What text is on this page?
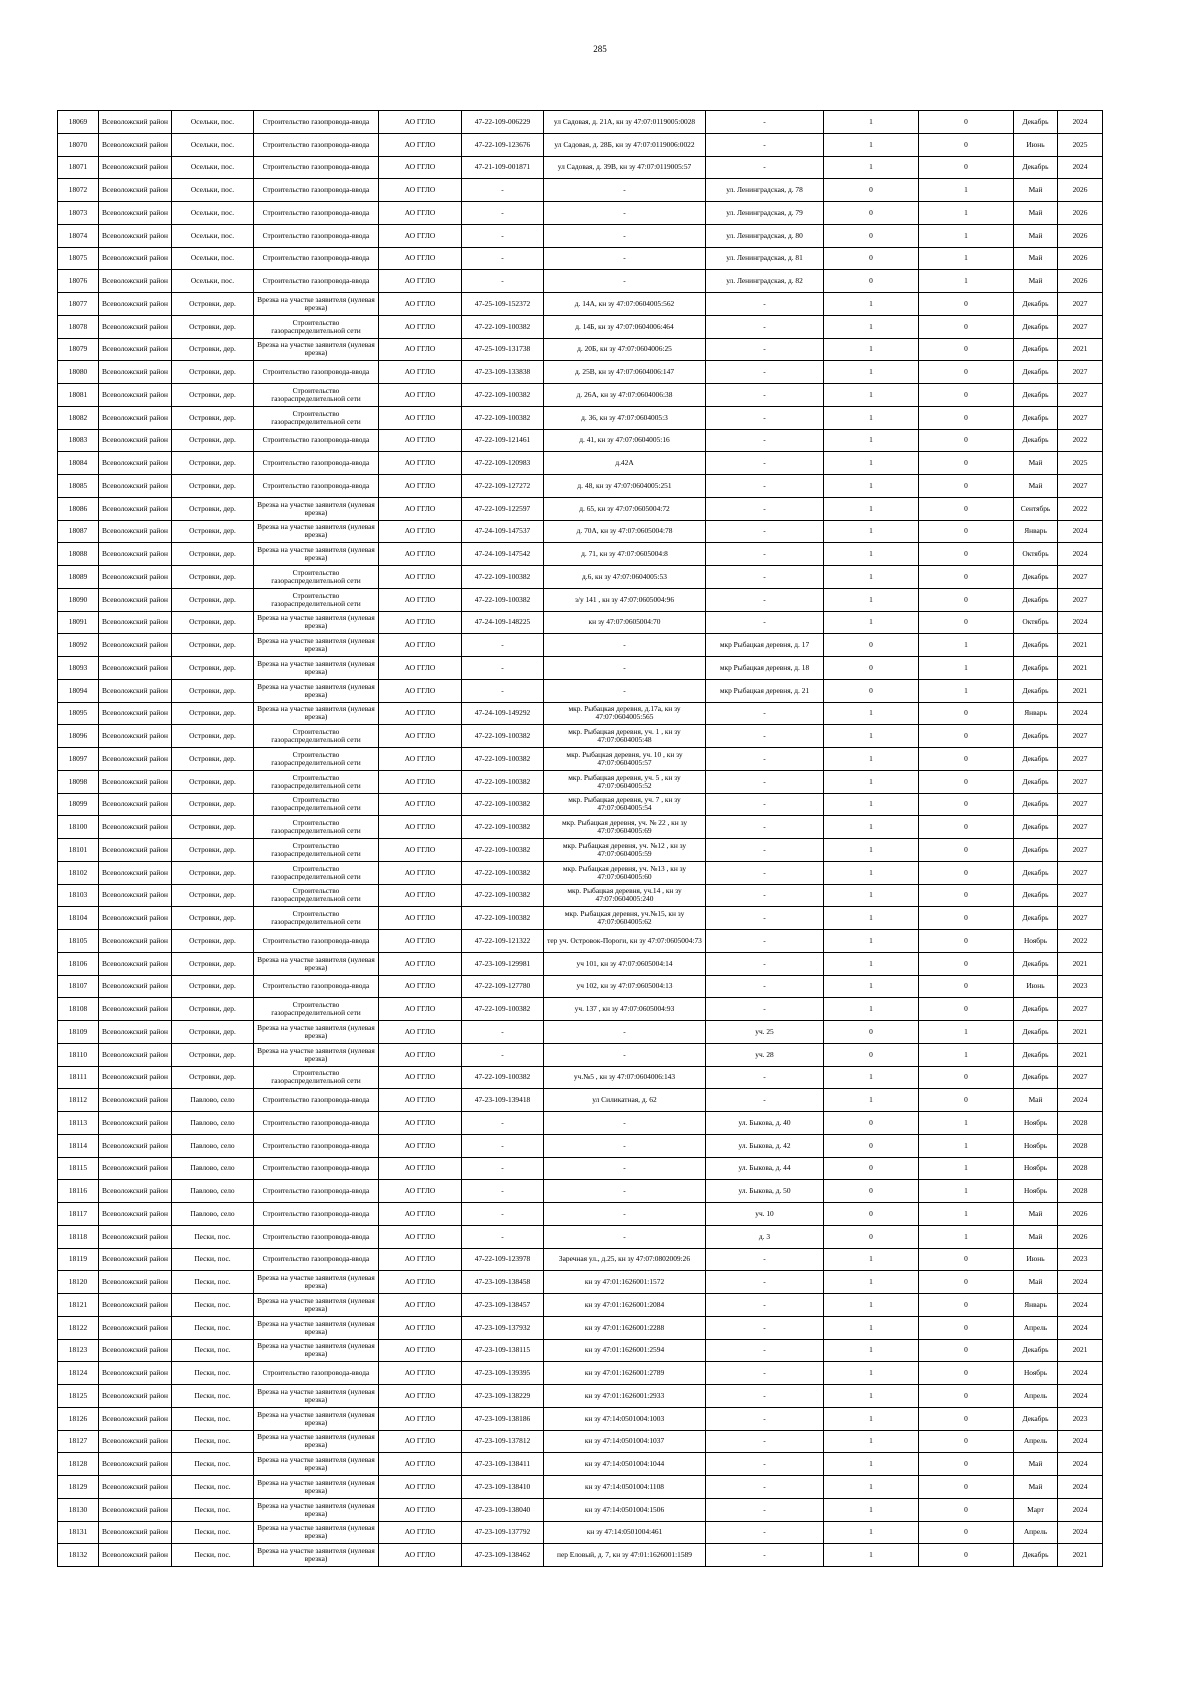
285
18069	Всеволожский район	Осельки, пос.	Строительство газопровода-ввода	АО ГГЛО	47-22-109-006229	ул Садовая, д. 21А, кн зу 47:07:0119005:0028	-	1	0	Декабрь	2024
18070	Всеволожский район	Осельки, пос.	Строительство газопровода-ввода	АО ГГЛО	47-22-109-123676	ул Садовая, д. 28Б, кн зу 47:07:0119006:0022	-	1	0	Июнь	2025
18071	Всеволожский район	Осельки, пос.	Строительство газопровода-ввода	АО ГГЛО	47-21-109-001871	ул Садовая, д. 39В, кн зу 47:07:0119005:57	-	1	0	Декабрь	2024
18072	Всеволожский район	Осельки, пос.	Строительство газопровода-ввода	АО ГГЛО	-	-	ул. Ленинградская, д. 78	0	1	Май	2026
18073	Всеволожский район	Осельки, пос.	Строительство газопровода-ввода	АО ГГЛО	-	-	ул. Ленинградская, д. 79	0	1	Май	2026
18074	Всеволожский район	Осельки, пос.	Строительство газопровода-ввода	АО ГГЛО	-	-	ул. Ленинградская, д. 80	0	1	Май	2026
18075	Всеволожский район	Осельки, пос.	Строительство газопровода-ввода	АО ГГЛО	-	-	ул. Ленинградская, д. 81	0	1	Май	2026
18076	Всеволожский район	Осельки, пос.	Строительство газопровода-ввода	АО ГГЛО	-	-	ул. Ленинградская, д. 82	0	1	Май	2026
18077	Всеволожский район	Островки, дер.	Врезка на участке заявителя (нулевая врезка)	АО ГГЛО	47-25-109-152372	д. 14А, кн зу 47:07:0604005:562	-	1	0	Декабрь	2027
18078	Всеволожский район	Островки, дер.	Строительство газораспределительной сети	АО ГГЛО	47-22-109-100382	д. 14Б, кн зу 47:07:0604006:464	-	1	0	Декабрь	2027
18079	Всеволожский район	Островки, дер.	Врезка на участке заявителя (нулевая врезка)	АО ГГЛО	47-25-109-131738	д. 20Б, кн зу 47:07:0604006:25	-	1	0	Декабрь	2021
18080	Всеволожский район	Островки, дер.	Строительство газопровода-ввода	АО ГГЛО	47-23-109-133838	д. 25В, кн зу 47:07:0604006:147	-	1	0	Декабрь	2027
18081	Всеволожский район	Островки, дер.	Строительство газораспределительной сети	АО ГГЛО	47-22-109-100382	д. 26А, кн зу 47:07:0604006:38	-	1	0	Декабрь	2027
18082	Всеволожский район	Островки, дер.	Строительство газораспределительной сети	АО ГГЛО	47-22-109-100382	д. 36, кн зу 47:07:0604005:3	-	1	0	Декабрь	2027
18083	Всеволожский район	Островки, дер.	Строительство газопровода-ввода	АО ГГЛО	47-22-109-121461	д. 41, кн зу 47:07:0604005:16	-	1	0	Декабрь	2022
18084	Всеволожский район	Островки, дер.	Строительство газопровода-ввода	АО ГГЛО	47-22-109-120983	д.42А	-	1	0	Май	2025
18085	Всеволожский район	Островки, дер.	Строительство газопровода-ввода	АО ГГЛО	47-22-109-127272	д. 48, кн зу 47:07:0604005:251	-	1	0	Май	2027
18086	Всеволожский район	Островки, дер.	Врезка на участке заявителя (нулевая врезка)	АО ГГЛО	47-22-109-122597	д. 65, кн зу 47:07:0605004:72	-	1	0	Сентябрь	2022
18087	Всеволожский район	Островки, дер.	Врезка на участке заявителя (нулевая врезка)	АО ГГЛО	47-24-109-147537	д. 70А, кн зу 47:07:0605004:78	-	1	0	Январь	2024
18088	Всеволожский район	Островки, дер.	Врезка на участке заявителя (нулевая врезка)	АО ГГЛО	47-24-109-147542	д. 71, кн зу 47:07:0605004:8	-	1	0	Октябрь	2024
18089	Всеволожский район	Островки, дер.	Строительство газораспределительной сети	АО ГГЛО	47-22-109-100382	д.6, кн зу 47:07:0604005:53	-	1	0	Декабрь	2027
18090	Всеволожский район	Островки, дер.	Строительство газораспределительной сети	АО ГГЛО	47-22-109-100382	з/у 141 , кн зу 47:07:0605004:96	-	1	0	Декабрь	2027
18091	Всеволожский район	Островки, дер.	Врезка на участке заявителя (нулевая врезка)	АО ГГЛО	47-24-109-148225	кн зу 47:07:0605004:70	-	1	0	Октябрь	2024
18092	Всеволожский район	Островки, дер.	Врезка на участке заявителя (нулевая врезка)	АО ГГЛО	-	-	мкр Рыбацкая деревня, д. 17	0	1	Декабрь	2021
18093	Всеволожский район	Островки, дер.	Врезка на участке заявителя (нулевая врезка)	АО ГГЛО	-	-	мкр Рыбацкая деревня, д. 18	0	1	Декабрь	2021
18094	Всеволожский район	Островки, дер.	Врезка на участке заявителя (нулевая врезка)	АО ГГЛО	-	-	мкр Рыбацкая деревня, д. 21	0	1	Декабрь	2021
18095	Всеволожский район	Островки, дер.	Врезка на участке заявителя (нулевая врезка)	АО ГГЛО	47-24-109-149292	мкр. Рыбацкая деревня, д.17а, кн зу 47:07:0604005:565	-	1	0	Январь	2024
18096	Всеволожский район	Островки, дер.	Строительство газораспределительной сети	АО ГГЛО	47-22-109-100382	мкр. Рыбацкая деревня, уч. 1 , кн зу 47:07:0604005:48	-	1	0	Декабрь	2027
18097	Всеволожский район	Островки, дер.	Строительство газораспределительной сети	АО ГГЛО	47-22-109-100382	мкр. Рыбацкая деревня, уч. 10 , кн зу 47:07:0604005:57	-	1	0	Декабрь	2027
18098	Всеволожский район	Островки, дер.	Строительство газораспределительной сети	АО ГГЛО	47-22-109-100382	мкр. Рыбацкая деревня, уч. 5 , кн зу 47:07:0604005:52	-	1	0	Декабрь	2027
18099	Всеволожский район	Островки, дер.	Строительство газораспределительной сети	АО ГГЛО	47-22-109-100382	мкр. Рыбацкая деревня, уч. 7 , кн зу 47:07:0604005:54	-	1	0	Декабрь	2027
18100	Всеволожский район	Островки, дер.	Строительство газораспределительной сети	АО ГГЛО	47-22-109-100382	мкр. Рыбацкая деревня, уч. № 22 , кн зу 47:07:0604005:69	-	1	0	Декабрь	2027
18101	Всеволожский район	Островки, дер.	Строительство газораспределительной сети	АО ГГЛО	47-22-109-100382	мкр. Рыбацкая деревня, уч. №12 , кн зу 47:07:0604005:59	-	1	0	Декабрь	2027
18102	Всеволожский район	Островки, дер.	Строительство газораспределительной сети	АО ГГЛО	47-22-109-100382	мкр. Рыбацкая деревня, уч. №13 , кн зу 47:07:0604005:60	-	1	0	Декабрь	2027
18103	Всеволожский район	Островки, дер.	Строительство газораспределительной сети	АО ГГЛО	47-22-109-100382	мкр. Рыбацкая деревня, уч.14 , кн зу 47:07:0604005:240	-	1	0	Декабрь	2027
18104	Всеволожский район	Островки, дер.	Строительство газораспределительной сети	АО ГГЛО	47-22-109-100382	мкр. Рыбацкая деревня, уч.№15, кн зу 47:07:0604005:62	-	1	0	Декабрь	2027
18105	Всеволожский район	Островки, дер.	Строительство газопровода-ввода	АО ГГЛО	47-22-109-121322	тер уч. Островок-Пороги, кн зу 47:07:0605004:73	-	1	0	Ноябрь	2022
18106	Всеволожский район	Островки, дер.	Врезка на участке заявителя (нулевая врезка)	АО ГГЛО	47-23-109-129981	уч 101, кн зу 47:07:0605004:14	-	1	0	Декабрь	2021
18107	Всеволожский район	Островки, дер.	Строительство газопровода-ввода	АО ГГЛО	47-22-109-127780	уч 102, кн зу 47:07:0605004:13	-	1	0	Июнь	2023
18108	Всеволожский район	Островки, дер.	Строительство газораспределительной сети	АО ГГЛО	47-22-109-100382	уч. 137 , кн зу 47:07:0605004:93	-	1	0	Декабрь	2027
18109	Всеволожский район	Островки, дер.	Врезка на участке заявителя (нулевая врезка)	АО ГГЛО	-	-	уч. 25	0	1	Декабрь	2021
18110	Всеволожский район	Островки, дер.	Врезка на участке заявителя (нулевая врезка)	АО ГГЛО	-	-	уч. 28	0	1	Декабрь	2021
18111	Всеволожский район	Островки, дер.	Строительство газораспределительной сети	АО ГГЛО	47-22-109-100382	уч.№5 , кн зу 47:07:0604006:143	-	1	0	Декабрь	2027
18112	Всеволожский район	Павлово, село	Строительство газопровода-ввода	АО ГГЛО	47-23-109-139418	ул Силикатная, д. 62	-	1	0	Май	2024
18113	Всеволожский район	Павлово, село	Строительство газопровода-ввода	АО ГГЛО	-	-	ул. Быкова, д. 40	0	1	Ноябрь	2028
18114	Всеволожский район	Павлово, село	Строительство газопровода-ввода	АО ГГЛО	-	-	ул. Быкова, д. 42	0	1	Ноябрь	2028
18115	Всеволожский район	Павлово, село	Строительство газопровода-ввода	АО ГГЛО	-	-	ул. Быкова, д. 44	0	1	Ноябрь	2028
18116	Всеволожский район	Павлово, село	Строительство газопровода-ввода	АО ГГЛО	-	-	ул. Быкова, д. 50	0	1	Ноябрь	2028
18117	Всеволожский район	Павлово, село	Строительство газопровода-ввода	АО ГГЛО	-	-	уч. 10	0	1	Май	2026
18118	Всеволожский район	Пески, пос.	Строительство газопровода-ввода	АО ГГЛО	-	-	д. 3	0	1	Май	2026
18119	Всеволожский район	Пески, пос.	Строительство газопровода-ввода	АО ГГЛО	47-22-109-123978	Заречная ул., д.25, кн зу 47:07:0802009:26	-	1	0	Июнь	2023
18120	Всеволожский район	Пески, пос.	Врезка на участке заявителя (нулевая врезка)	АО ГГЛО	47-23-109-138458	кн зу 47:01:1626001:1572	-	1	0	Май	2024
18121	Всеволожский район	Пески, пос.	Врезка на участке заявителя (нулевая врезка)	АО ГГЛО	47-23-109-138457	кн зу 47:01:1626001:2084	-	1	0	Январь	2024
18122	Всеволожский район	Пески, пос.	Врезка на участке заявителя (нулевая врезка)	АО ГГЛО	47-23-109-137932	кн зу 47:01:1626001:2288	-	1	0	Апрель	2024
18123	Всеволожский район	Пески, пос.	Врезка на участке заявителя (нулевая врезка)	АО ГГЛО	47-23-109-138115	кн зу 47:01:1626001:2594	-	1	0	Декабрь	2021
18124	Всеволожский район	Пески, пос.	Строительство газопровода-ввода	АО ГГЛО	47-23-109-139395	кн зу 47:01:1626001:2789	-	1	0	Ноябрь	2024
18125	Всеволожский район	Пески, пос.	Врезка на участке заявителя (нулевая врезка)	АО ГГЛО	47-23-109-138229	кн зу 47:01:1626001:2933	-	1	0	Апрель	2024
18126	Всеволожский район	Пески, пос.	Врезка на участке заявителя (нулевая врезка)	АО ГГЛО	47-23-109-138186	кн зу 47:14:0501004:1003	-	1	0	Декабрь	2023
18127	Всеволожский район	Пески, пос.	Врезка на участке заявителя (нулевая врезка)	АО ГГЛО	47-23-109-137812	кн зу 47:14:0501004:1037	-	1	0	Апрель	2024
18128	Всеволожский район	Пески, пос.	Врезка на участке заявителя (нулевая врезка)	АО ГГЛО	47-23-109-138411	кн зу 47:14:0501004:1044	-	1	0	Май	2024
18129	Всеволожский район	Пески, пос.	Врезка на участке заявителя (нулевая врезка)	АО ГГЛО	47-23-109-138410	кн зу 47:14:0501004:1108	-	1	0	Май	2024
18130	Всеволожский район	Пески, пос.	Врезка на участке заявителя (нулевая врезка)	АО ГГЛО	47-23-109-138040	кн зу 47:14:0501004:1506	-	1	0	Март	2024
18131	Всеволожский район	Пески, пос.	Врезка на участке заявителя (нулевая врезка)	АО ГГЛО	47-23-109-137792	кн зу 47:14:0501004:461	-	1	0	Апрель	2024
18132	Всеволожский район	Пески, пос.	Врезка на участке заявителя (нулевая врезка)	АО ГГЛО	47-23-109-138462	пер Еловый, д. 7, кн зу 47:01:1626001:1589	-	1	0	Декабрь	2021
